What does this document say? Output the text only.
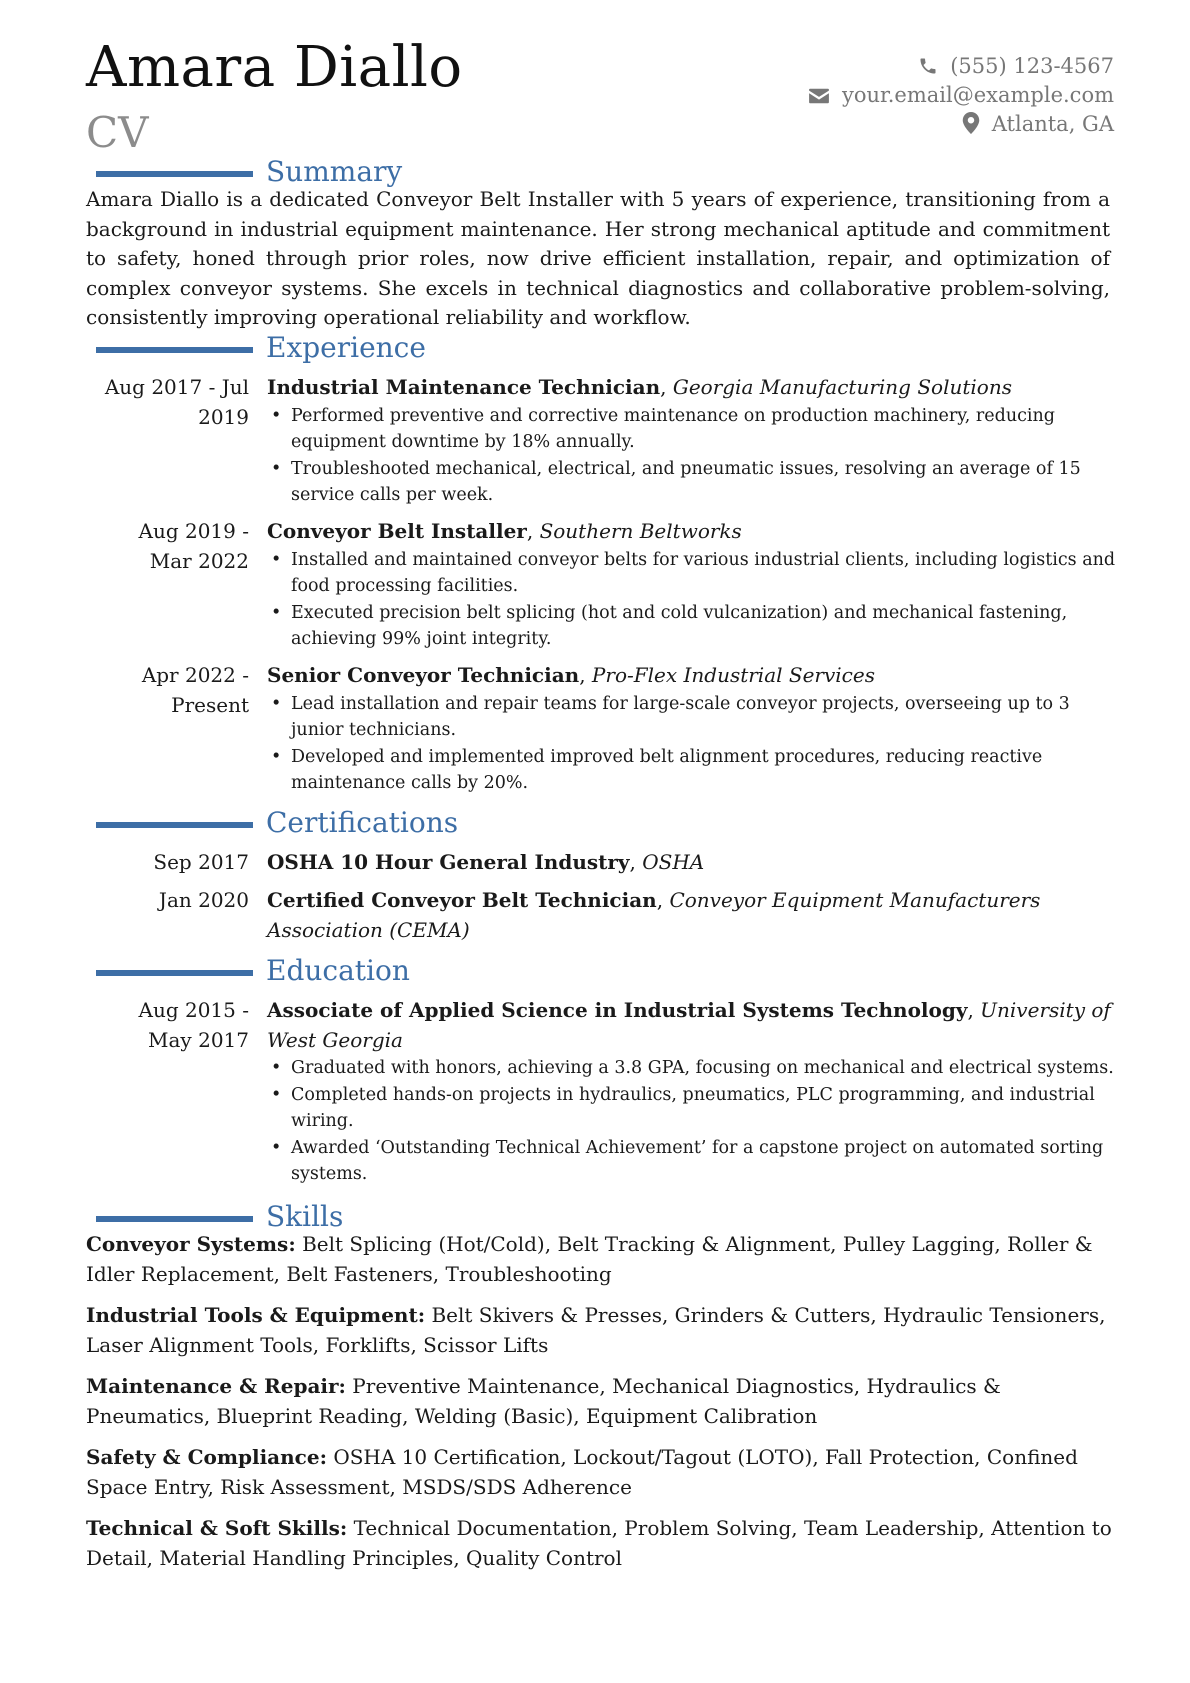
Amara Diallo
CV
(555) 123-4567
your.email@example.com
Atlanta, GA
Summary
Amara Diallo is a dedicated Conveyor Belt Installer with 5 years of experience, transitioning from a background in industrial equipment maintenance. Her strong mechanical aptitude and commitment to safety, honed through prior roles, now drive efficient installation, repair, and optimization of complex conveyor systems. She excels in technical diagnostics and collaborative problem-solving, consistently improving operational reliability and workflow.
Experience
Aug 2017 - Jul
2019
Industrial Maintenance Technician, Georgia Manufacturing Solutions
• Performed preventive and corrective maintenance on production machinery, reducing equipment downtime by 18% annually.
• Troubleshooted mechanical, electrical, and pneumatic issues, resolving an average of 15 service calls per week.
Aug 2019 -
Mar 2022
Conveyor Belt Installer, Southern Beltworks
• Installed and maintained conveyor belts for various industrial clients, including logistics and food processing facilities.
• Executed precision belt splicing (hot and cold vulcanization) and mechanical fastening, achieving 99% joint integrity.
Apr 2022 -
Present
Senior Conveyor Technician, Pro-Flex Industrial Services
• Lead installation and repair teams for large-scale conveyor projects, overseeing up to 3 junior technicians.
• Developed and implemented improved belt alignment procedures, reducing reactive maintenance calls by 20%.
Certifications
Sep 2017 OSHA 10 Hour General Industry, OSHA
Jan 2020 Certified Conveyor Belt Technician, Conveyor Equipment Manufacturers Association (CEMA)
Education
Aug 2015 -
May 2017
Associate of Applied Science in Industrial Systems Technology, University of West Georgia
• Graduated with honors, achieving a 3.8 GPA, focusing on mechanical and electrical systems.
• Completed hands-on projects in hydraulics, pneumatics, PLC programming, and industrial wiring.
• Awarded ‘Outstanding Technical Achievement’ for a capstone project on automated sorting systems.
Skills
Conveyor Systems: Belt Splicing (Hot/Cold), Belt Tracking & Alignment, Pulley Lagging, Roller & Idler Replacement, Belt Fasteners, Troubleshooting
Industrial Tools & Equipment: Belt Skivers & Presses, Grinders & Cutters, Hydraulic Tensioners, Laser Alignment Tools, Forklifts, Scissor Lifts
Maintenance & Repair: Preventive Maintenance, Mechanical Diagnostics, Hydraulics & Pneumatics, Blueprint Reading, Welding (Basic), Equipment Calibration
Safety & Compliance: OSHA 10 Certification, Lockout/Tagout (LOTO), Fall Protection, Confined Space Entry, Risk Assessment, MSDS/SDS Adherence
Technical & Soft Skills: Technical Documentation, Problem Solving, Team Leadership, Attention to Detail, Material Handling Principles, Quality Control
